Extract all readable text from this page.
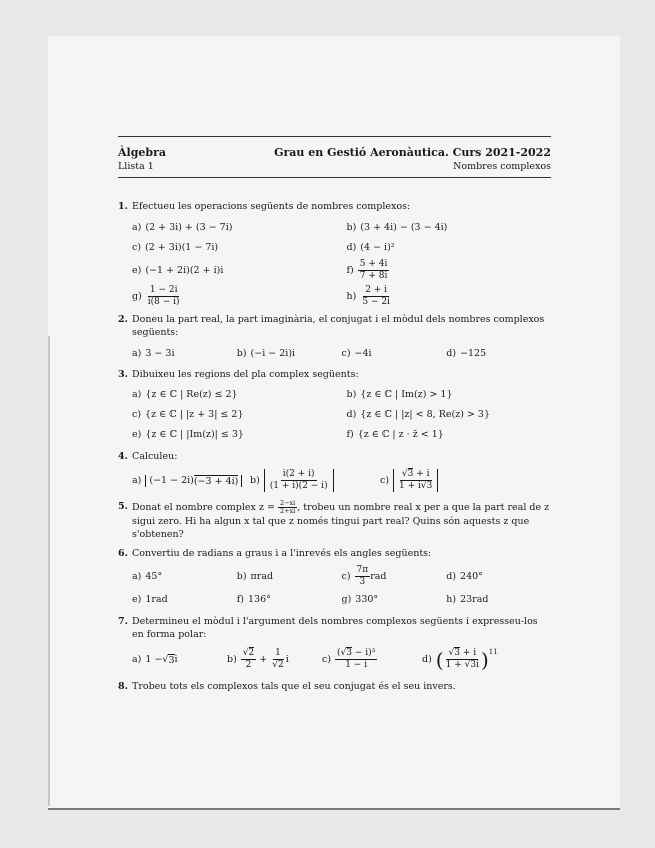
Àlgebra
Llista 1
Grau en Gestió Aeronàutica. Curs 2021-2022
Nombres complexos
1. Efectueu les operacions següents de nombres complexos:
a) (2 + 3i) + (3 − 7i)	b) (3 + 4i) − (3 − 4i)
c) (2 + 3i)(1 − 7i)	d) (4 − i)²
e) (−1 + 2i)(2 + i)i	$f) \frac{5 + 4i}{7 + 8i}$
$g) \frac{1 - 2i}{i(8 - i)}$	$h) \frac{2 + i}{5 - 2i}$
2. Doneu la part real, la part imaginària, el conjugat i el mòdul dels nombres complexos següents:
a) 3 − 3i	b) (−i − 2i)i	c) −4i	d) −125
3. Dibuixeu les regions del pla complex següents:
a) {z ∈ ℂ | Re(z) ≤ 2}	b) {z ∈ ℂ | Im(z) > 1}
c) {z ∈ ℂ | |z + 3| ≤ 2}	d) {z ∈ ℂ | |z| < 8, Re(z) > 3}
e) {z ∈ ℂ | |Im(z)| ≤ 3}	f) {z ∈ ℂ | z · z̄ < 1}
4. Calculeu:
a) (−1 − 2i) (−3 + 4i) $b) \frac{i(2 + i)}{(1 + i)(2 - i)}$	$c) \frac{√3 + i}{1 + i√3}$
5. Donat el nombre complex $z = \frac{2-xi}{2+xi}$ , trobeu un nombre real x per a que la part real de z sigui zero. Hi ha algun x tal que z només tingui part real? Quins són aquests z que s'obtenen?
6. Convertiu de radians a graus i a l'inrevés els angles següents:
a) 45°	b) πrad	$c) \frac{7\pi}{3}$ rad	d) 240°
e) 1rad	f) 136°	g) 330°	h) 23rad
7. Determineu el mòdul i l'argument dels nombres complexos següents i expresseu-los en forma polar:
a) 1 − √ 3 i	$b) \frac{√2}{2} + \frac{1}{√2}$ i	$c) \frac{\text{(√3 − i)³}}{1 - i}$	d) ( $\frac{√3 + i}{1 + √3i} )^{11}$
8. Trobeu tots els complexos tals que el seu conjugat és el seu invers.
